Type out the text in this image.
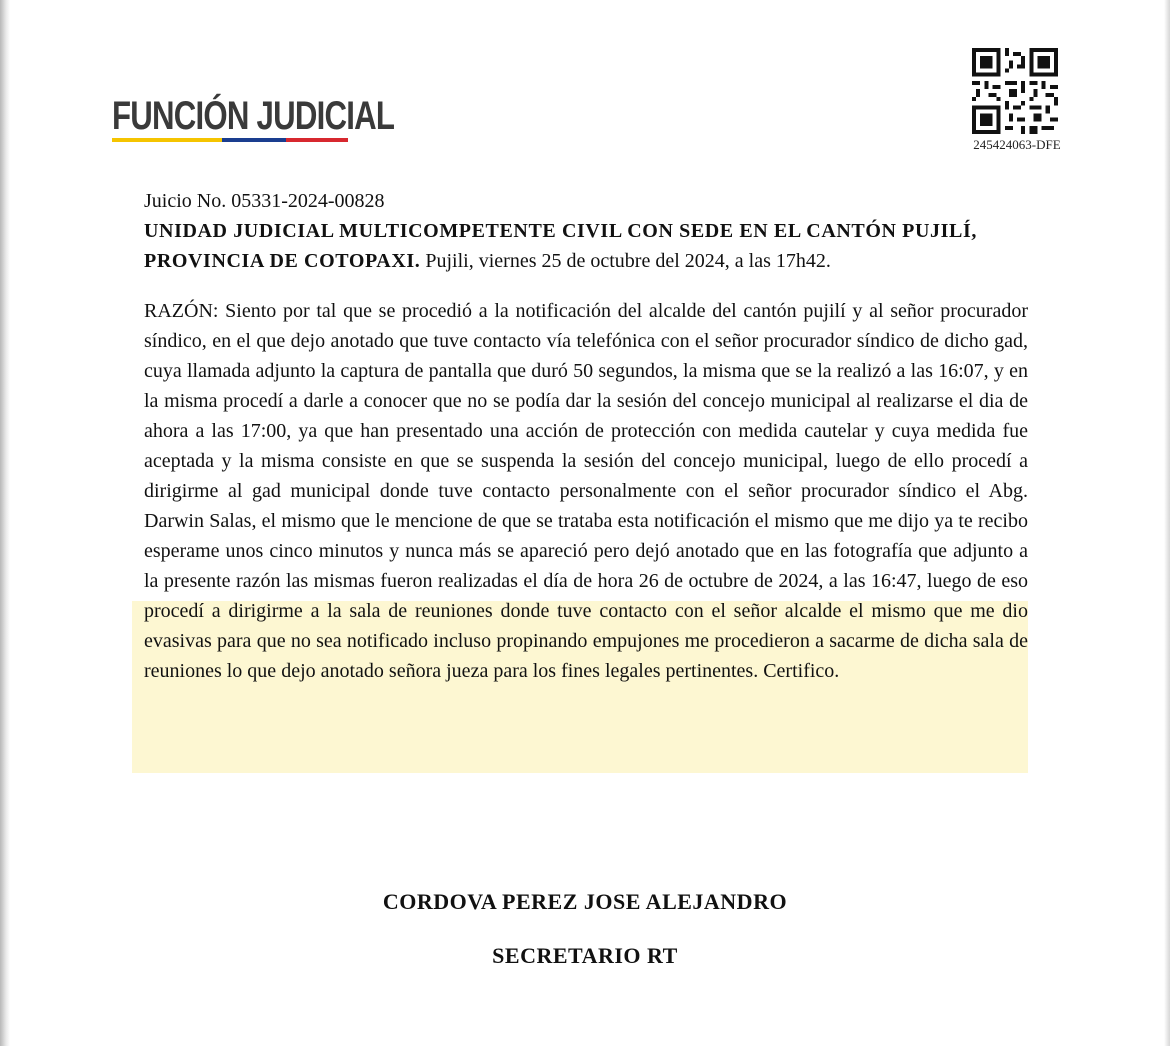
FUNCIÓN JUDICIAL
245424063-DFE

Juicio No. 05331-2024-00828

UNIDAD JUDICIAL MULTICOMPETENTE CIVIL CON SEDE EN EL CANTÓN PUJILÍ, PROVINCIA DE COTOPAXI. Pujili, viernes 25 de octubre del 2024, a las 17h42.

RAZÓN: Siento por tal que se procedió a la notificación del alcalde del cantón pujilí y al señor procurador síndico, en el que dejo anotado que tuve contacto vía telefónica con el señor procurador síndico de dicho gad, cuya llamada adjunto la captura de pantalla que duró 50 segundos, la misma que se la realizó a las 16:07, y en la misma procedí a darle a conocer que no se podía dar la sesión del concejo municipal al realizarse el dia de ahora a las 17:00, ya que han presentado una acción de protección con medida cautelar y cuya medida fue aceptada y la misma consiste en que se suspenda la sesión del concejo municipal, luego de ello procedí a dirigirme al gad municipal donde tuve contacto personalmente con el señor procurador síndico el Abg. Darwin Salas, el mismo que le mencione de que se trataba esta notificación el mismo que me dijo ya te recibo esperame unos cinco minutos y nunca más se apareció pero dejó anotado que en las fotografía que adjunto a la presente razón las mismas fueron realizadas el día de hora 26 de octubre de 2024, a las 16:47, luego de eso procedí a dirigirme a la sala de reuniones donde tuve contacto con el señor alcalde el mismo que me dio evasivas para que no sea notificado incluso propinando empujones me procedieron a sacarme de dicha sala de reuniones lo que dejo anotado señora jueza para los fines legales pertinentes. Certifico.

CORDOVA PEREZ JOSE ALEJANDRO
SECRETARIO RT
